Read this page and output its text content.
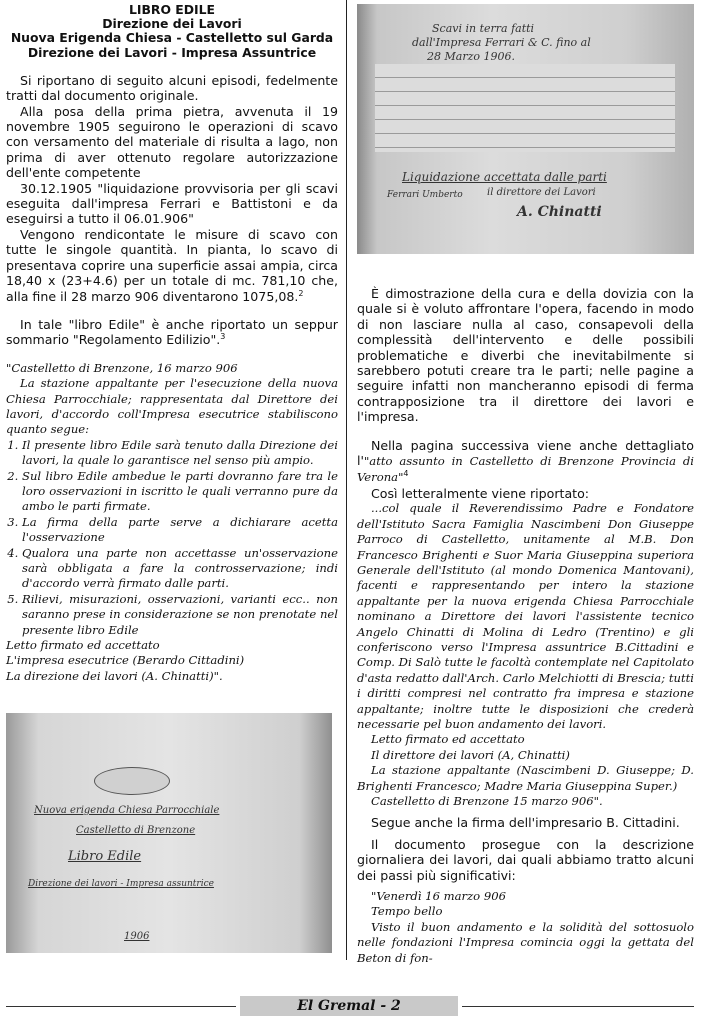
LIBRO EDILE
Direzione dei Lavori
Nuova Erigenda Chiesa - Castelletto sul Garda
Direzione dei Lavori - Impresa Assuntrice

Si riportano di seguito alcuni episodi, fedelmente tratti dal documento originale.

Alla posa della prima pietra, avvenuta il 19 novembre 1905 seguirono le operazioni di scavo con versamento del materiale di risulta a lago, non prima di aver ottenuto regolare autorizzazione dell'ente competente

30.12.1905 "liquidazione provvisoria per gli scavi eseguita dall'impresa Ferrari e Battistoni e da eseguirsi a tutto il 06.01.906"

Vengono rendicontate le misure di scavo con tutte le singole quantità. In pianta, lo scavo di presentava coprire una superficie assai ampia, circa 18,40 x (23+4.6) per un totale di mc. 781,10 che, alla fine il 28 marzo 906 diventarono 1075,08.$^2$

In tale "libro Edile" è anche riportato un seppur sommario "Regolamento Edilizio".$^3$

"Castelletto di Brenzone, 16 marzo 906

La stazione appaltante per l'esecuzione della nuova Chiesa Parrocchiale; rappresentata dal Direttore dei lavori, d'accordo coll'Impresa esecutrice stabiliscono quanto segue:

1. Il presente libro Edile sarà tenuto dalla Direzione dei lavori, la quale lo garantisce nel senso più ampio.
2. Sul libro Edile ambedue le parti dovranno fare tra le loro osservazioni in iscritto le quali verranno pure da ambo le parti firmate.
3. La firma della parte serve a dichiarare acetta l'osservazione
4. Qualora una parte non accettasse un'osservazione sarà obbligata a fare la controsservazione; indi d'accordo verrà firmato dalle parti.
5. Rilievi, misurazioni, osservazioni, varianti ecc.. non saranno prese in considerazione se non prenotate nel presente libro Edile

Letto firmato ed accettato

L'impresa esecutrice (Berardo Cittadini)

La direzione dei lavori (A. Chinatti)".

Scavi in terra fatti
dall'Impresa Ferrari & C. fino al
28 Marzo 1906.
Liquidazione accettata dalle parti
il direttore dei Lavori
Ferrari Umberto
A. Chinatti

È dimostrazione della cura e della dovizia con la quale si è voluto affrontare l'opera, facendo in modo di non lasciare nulla al caso, consapevoli della complessità dell'intervento e delle possibili problematiche e diverbi che inevitabilmente si sarebbero potuti creare tra le parti; nelle pagine a seguire infatti non mancheranno episodi di ferma contrapposizione tra il direttore dei lavori e l'impresa.

Nella pagina successiva viene anche dettagliato l'"atto assunto in Castelletto di Brenzone Provincia di Verona"$^4$

Così letteralmente viene riportato:

...col quale il Reverendissimo Padre e Fondatore dell'Istituto Sacra Famiglia Nascimbeni Don Giuseppe Parroco di Castelletto, unitamente al M.B. Don Francesco Brighenti e Suor Maria Giuseppina superiora Generale dell'Istituto (al mondo Domenica Mantovani), facenti e rappresentando per intero la stazione appaltante per la nuova erigenda Chiesa Parrocchiale nominano a Direttore dei lavori l'assistente tecnico Angelo Chinatti di Molina di Ledro (Trentino) e gli conferiscono verso l'Impresa assuntrice B.Cittadini e Comp. Di Salò tutte le facoltà contemplate nel Capitolato d'asta redatto dall'Arch. Carlo Melchiotti di Brescia; tutti i diritti compresi nel contratto fra impresa e stazione appaltante; inoltre tutte le disposizioni che crederà necessarie pel buon andamento dei lavori.

Letto firmato ed accettato

Il direttore dei lavori (A, Chinatti)

La stazione appaltante (Nascimbeni D. Giuseppe; D. Brighenti Francesco; Madre Maria Giuseppina Super.)

Castelletto di Brenzone 15 marzo 906".

Segue anche la firma dell'impresario B. Cittadini.

Il documento prosegue con la descrizione giornaliera dei lavori, dai quali abbiamo tratto alcuni dei passi più significativi:

"Venerdì 16 marzo 906

Tempo bello

Visto il buon andamento e la solidità del sottosuolo nelle fondazioni l'Impresa comincia oggi la gettata del Beton di fon-

Nuova erigenda Chiesa Parrocchiale
Castelletto di Brenzone
Libro Edile
Direzione dei lavori - Impresa assuntrice
1906
El Gremal - 2
